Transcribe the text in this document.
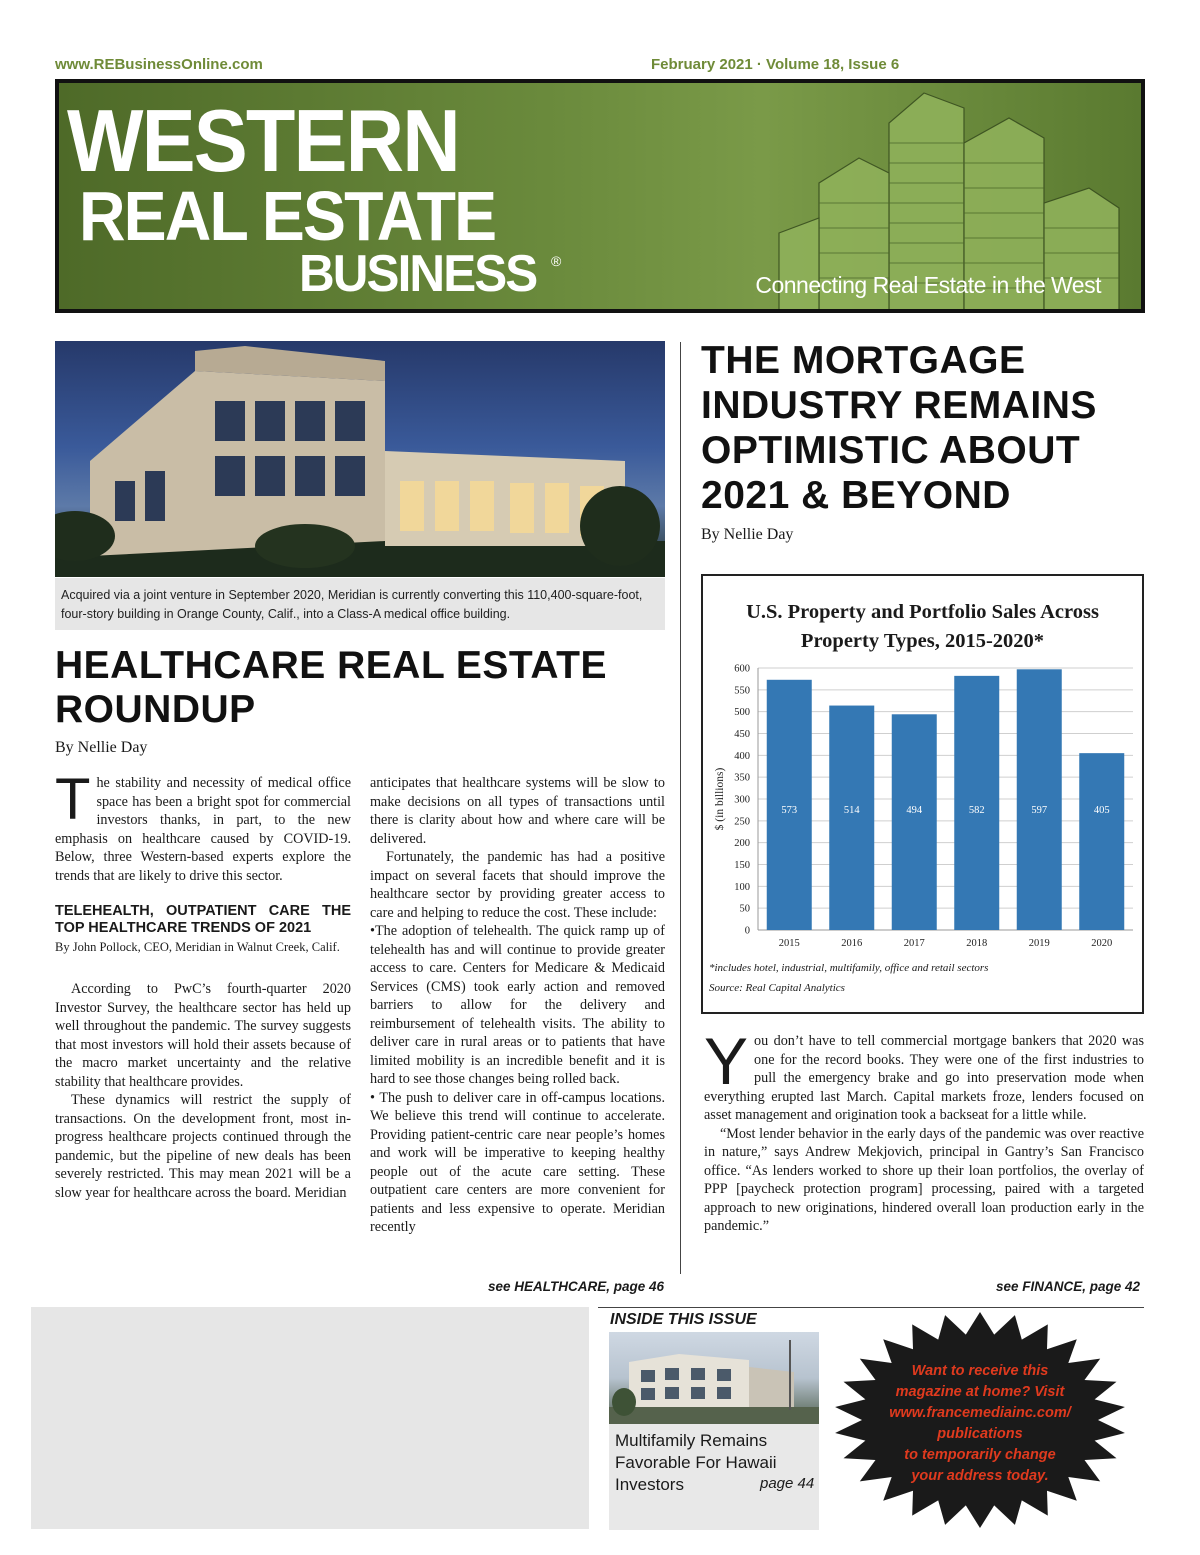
www.REBusinessOnline.com	February 2021 · Volume 18, Issue 6
WESTERN
REAL ESTATE
BUSINESS ®
Connecting Real Estate in the West
Acquired via a joint venture in September 2020, Meridian is currently converting this 110,400-square-foot, four-story building in Orange County, Calif., into a Class-A medical office building.
HEALTHCARE REAL ESTATE
ROUNDUP
By Nellie Day

The stability and necessity of medical office space has been a bright spot for commercial investors thanks, in part, to the new emphasis on healthcare caused by COVID-19. Below, three Western-based experts explore the trends that are likely to drive this sector.

TELEHEALTH, OUTPATIENT CARE THE TOP HEALTHCARE TRENDS OF 2021
By John Pollock, CEO, Meridian in Walnut Creek, Calif.

According to PwC’s fourth-quarter 2020 Investor Survey, the healthcare sector has held up well throughout the pandemic. The survey suggests that most investors will hold their assets because of the macro market uncertainty and the relative stability that healthcare provides.

These dynamics will restrict the supply of transactions. On the development front, most in-progress healthcare projects continued through the pandemic, but the pipeline of new deals has been severely restricted. This may mean 2021 will be a slow year for healthcare across the board. Meridian

anticipates that healthcare systems will be slow to make decisions on all types of transactions until there is clarity about how and where care will be delivered.

Fortunately, the pandemic has had a positive impact on several facets that should improve the healthcare sector by providing greater access to care and helping to reduce the cost. These include:

•The adoption of telehealth. The quick ramp up of telehealth has and will continue to provide greater access to care. Centers for Medicare & Medicaid Services (CMS) took early action and removed barriers to allow for the delivery and reimbursement of telehealth visits. The ability to deliver care in rural areas or to patients that have limited mobility is an incredible benefit and it is hard to see those changes being rolled back.

• The push to deliver care in off-campus locations. We believe this trend will continue to accelerate. Providing patient-centric care near people’s homes and work will be imperative to keeping healthy people out of the acute care setting. These outpatient care centers are more convenient for patients and less expensive to operate. Meridian recently

see HEALTHCARE, page 46
THE MORTGAGE
INDUSTRY REMAINS
OPTIMISTIC ABOUT
2021 & BEYOND
By Nellie Day
U.S. Property and Portfolio Sales Across
Property Types, 2015-2020*
0
50
100
150
200
250
300
350
400
450
500
550
600
573
2015
514
2016
494
2017
582
2018
597
2019
405
2020
$ (in billions)
*includes hotel, industrial, multifamily, office and retail sectors
Source: Real Capital Analytics

You don’t have to tell commercial mortgage bankers that 2020 was one for the record books. They were one of the first industries to pull the emergency brake and go into preservation mode when everything erupted last March. Capital markets froze, lenders focused on asset management and origination took a backseat for a little while.

“Most lender behavior in the early days of the pandemic was over reactive in nature,” says Andrew Mekjovich, principal in Gantry’s San Francisco office. “As lenders worked to shore up their loan portfolios, the overlay of PPP [paycheck protection program] processing, paired with a targeted approach to new originations, hindered overall loan production early in the pandemic.”

see FINANCE, page 42
INSIDE THIS ISSUE
Multifamily Remains Favorable For Hawaii Investors	page 44
Want to receive this
magazine at home? Visit
www.francemediainc.com/
publications
to temporarily change
your address today.
